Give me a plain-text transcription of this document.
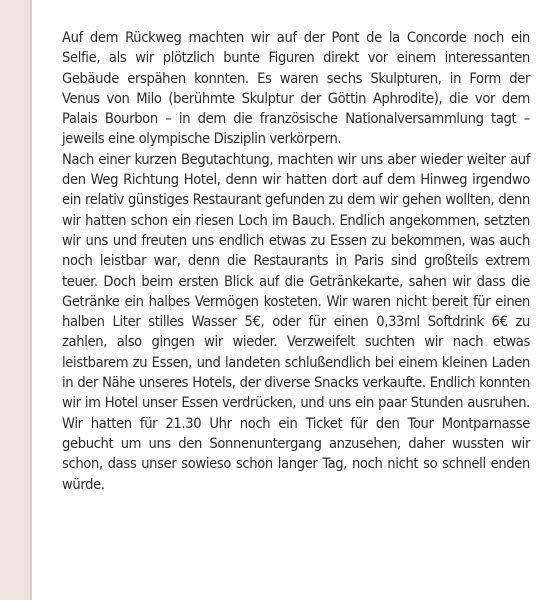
Auf dem Rückweg machten wir auf der Pont de la Concorde noch ein Selfie, als wir plötzlich bunte Figuren direkt vor einem interessanten Gebäude erspähen konnten. Es waren sechs Skulpturen, in Form der Venus von Milo (berühmte Skulptur der Göttin Aphrodite), die vor dem Palais Bourbon – in dem die französische Nationalversammlung tagt – jeweils eine olympische Disziplin verkörpern.

Nach einer kurzen Begutachtung, machten wir uns aber wieder weiter auf den Weg Richtung Hotel, denn wir hatten dort auf dem Hinweg irgendwo ein relativ günstiges Restaurant gefunden zu dem wir gehen wollten, denn wir hatten schon ein riesen Loch im Bauch. Endlich angekommen, setzten wir uns und freuten uns endlich etwas zu Essen zu bekommen, was auch noch leistbar war, denn die Restaurants in Paris sind großteils extrem teuer. Doch beim ersten Blick auf die Getränkekarte, sahen wir dass die Getränke ein halbes Vermögen kosteten. Wir waren nicht bereit für einen halben Liter stilles Wasser 5€, oder für einen 0,33ml Softdrink 6€ zu zahlen, also gingen wir wieder. Verzweifelt suchten wir nach etwas leistbarem zu Essen, und landeten schlußendlich bei einem kleinen Laden in der Nähe unseres Hotels, der diverse Snacks verkaufte. Endlich konnten wir im Hotel unser Essen verdrücken, und uns ein paar Stunden ausruhen. Wir hatten für 21.30 Uhr noch ein Ticket für den Tour Montparnasse gebucht um uns den Sonnenuntergang anzusehen, daher wussten wir schon, dass unser sowieso schon langer Tag, noch nicht so schnell enden würde.
